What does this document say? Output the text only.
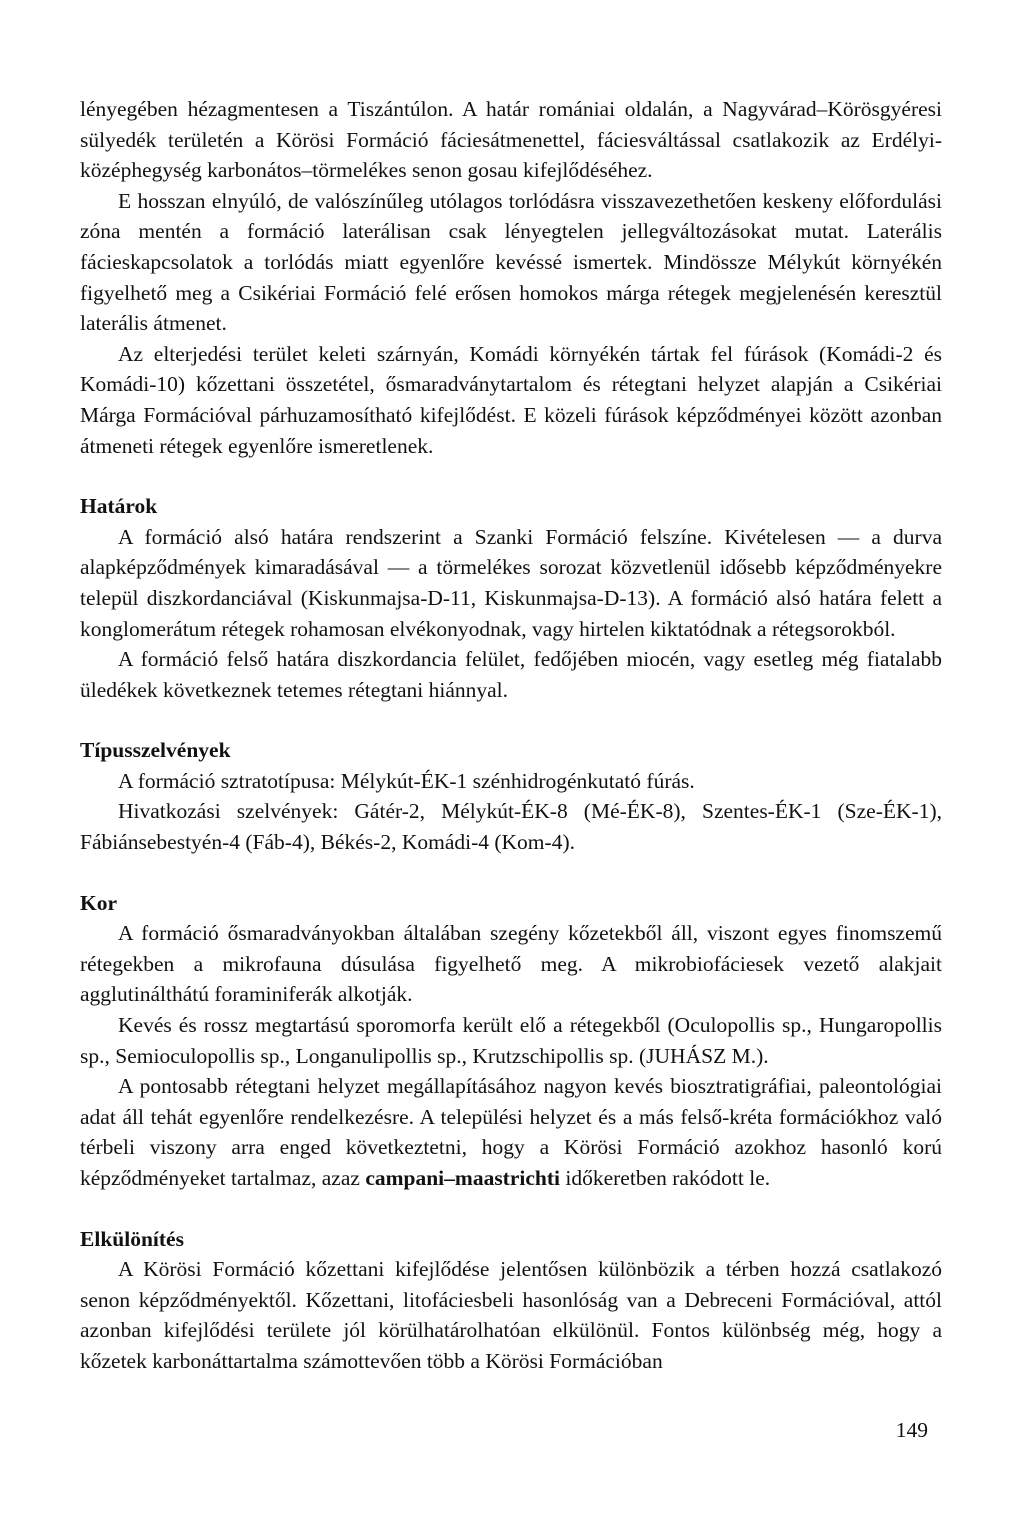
lényegében hézagmentesen a Tiszántúlon. A határ romániai oldalán, a Nagyvárad–Körösgyéresi sülyedék területén a Körösi Formáció fáciesátmenettel, fáciesváltással csatlakozik az Erdélyi-középhegység karbonátos–törmelékes senon gosau kifejlődéséhez.

E hosszan elnyúló, de valószínűleg utólagos torlódásra visszavezethetően keskeny előfordulási zóna mentén a formáció laterálisan csak lényegtelen jellegváltozásokat mutat. Laterális fácieskapcsolatok a torlódás miatt egyenlőre kevéssé ismertek. Mindössze Mélykút környékén figyelhető meg a Csikériai Formáció felé erősen homokos márga rétegek megjelenésén keresztül laterális átmenet.

Az elterjedési terület keleti szárnyán, Komádi környékén tártak fel fúrások (Komádi-2 és Komádi-10) kőzettani összetétel, ősmaradványtartalom és rétegtani helyzet alapján a Csikériai Márga Formációval párhuzamosítható kifejlődést. E közeli fúrások képződményei között azonban átmeneti rétegek egyenlőre ismeretlenek.

Határok

A formáció alsó határa rendszerint a Szanki Formáció felszíne. Kivételesen — a durva alapképződmények kimaradásával — a törmelékes sorozat közvetlenül idősebb képződményekre települ diszkordanciával (Kiskunmajsa-D-11, Kiskunmajsa-D-13). A formáció alsó határa felett a konglomerátum rétegek rohamosan elvékonyodnak, vagy hirtelen kiktatódnak a rétegsorokból.

A formáció felső határa diszkordancia felület, fedőjében miocén, vagy esetleg még fiatalabb üledékek következnek tetemes rétegtani hiánnyal.

Típusszelvények

A formáció sztratotípusa: Mélykút-ÉK-1 szénhidrogénkutató fúrás.

Hivatkozási szelvények: Gátér-2, Mélykút-ÉK-8 (Mé-ÉK-8), Szentes-ÉK-1 (Sze-ÉK-1), Fábiánsebestyén-4 (Fáb-4), Békés-2, Komádi-4 (Kom-4).

Kor

A formáció ősmaradványokban általában szegény kőzetekből áll, viszont egyes finomszemű rétegekben a mikrofauna dúsulása figyelhető meg. A mikrobiofáciesek vezető alakjait agglutinálthátú foraminiferák alkotják.

Kevés és rossz megtartású sporomorfa került elő a rétegekből (Oculopollis sp., Hungaropollis sp., Semioculopollis sp., Longanulipollis sp., Krutzschipollis sp. (JUHÁSZ M.).

A pontosabb rétegtani helyzet megállapításához nagyon kevés biosztratigráfiai, paleontológiai adat áll tehát egyenlőre rendelkezésre. A települési helyzet és a más felső-kréta formációkhoz való térbeli viszony arra enged következtetni, hogy a Körösi Formáció azokhoz hasonló korú képződményeket tartalmaz, azaz campani–maastrichti időkeretben rakódott le.

Elkülönítés

A Körösi Formáció kőzettani kifejlődése jelentősen különbözik a térben hozzá csatlakozó senon képződményektől. Kőzettani, litofáciesbeli hasonlóság van a Debreceni Formációval, attól azonban kifejlődési területe jól körülhatárolhatóan elkülönül. Fontos különbség még, hogy a kőzetek karbonáttartalma számottevően több a Körösi Formációban

149
